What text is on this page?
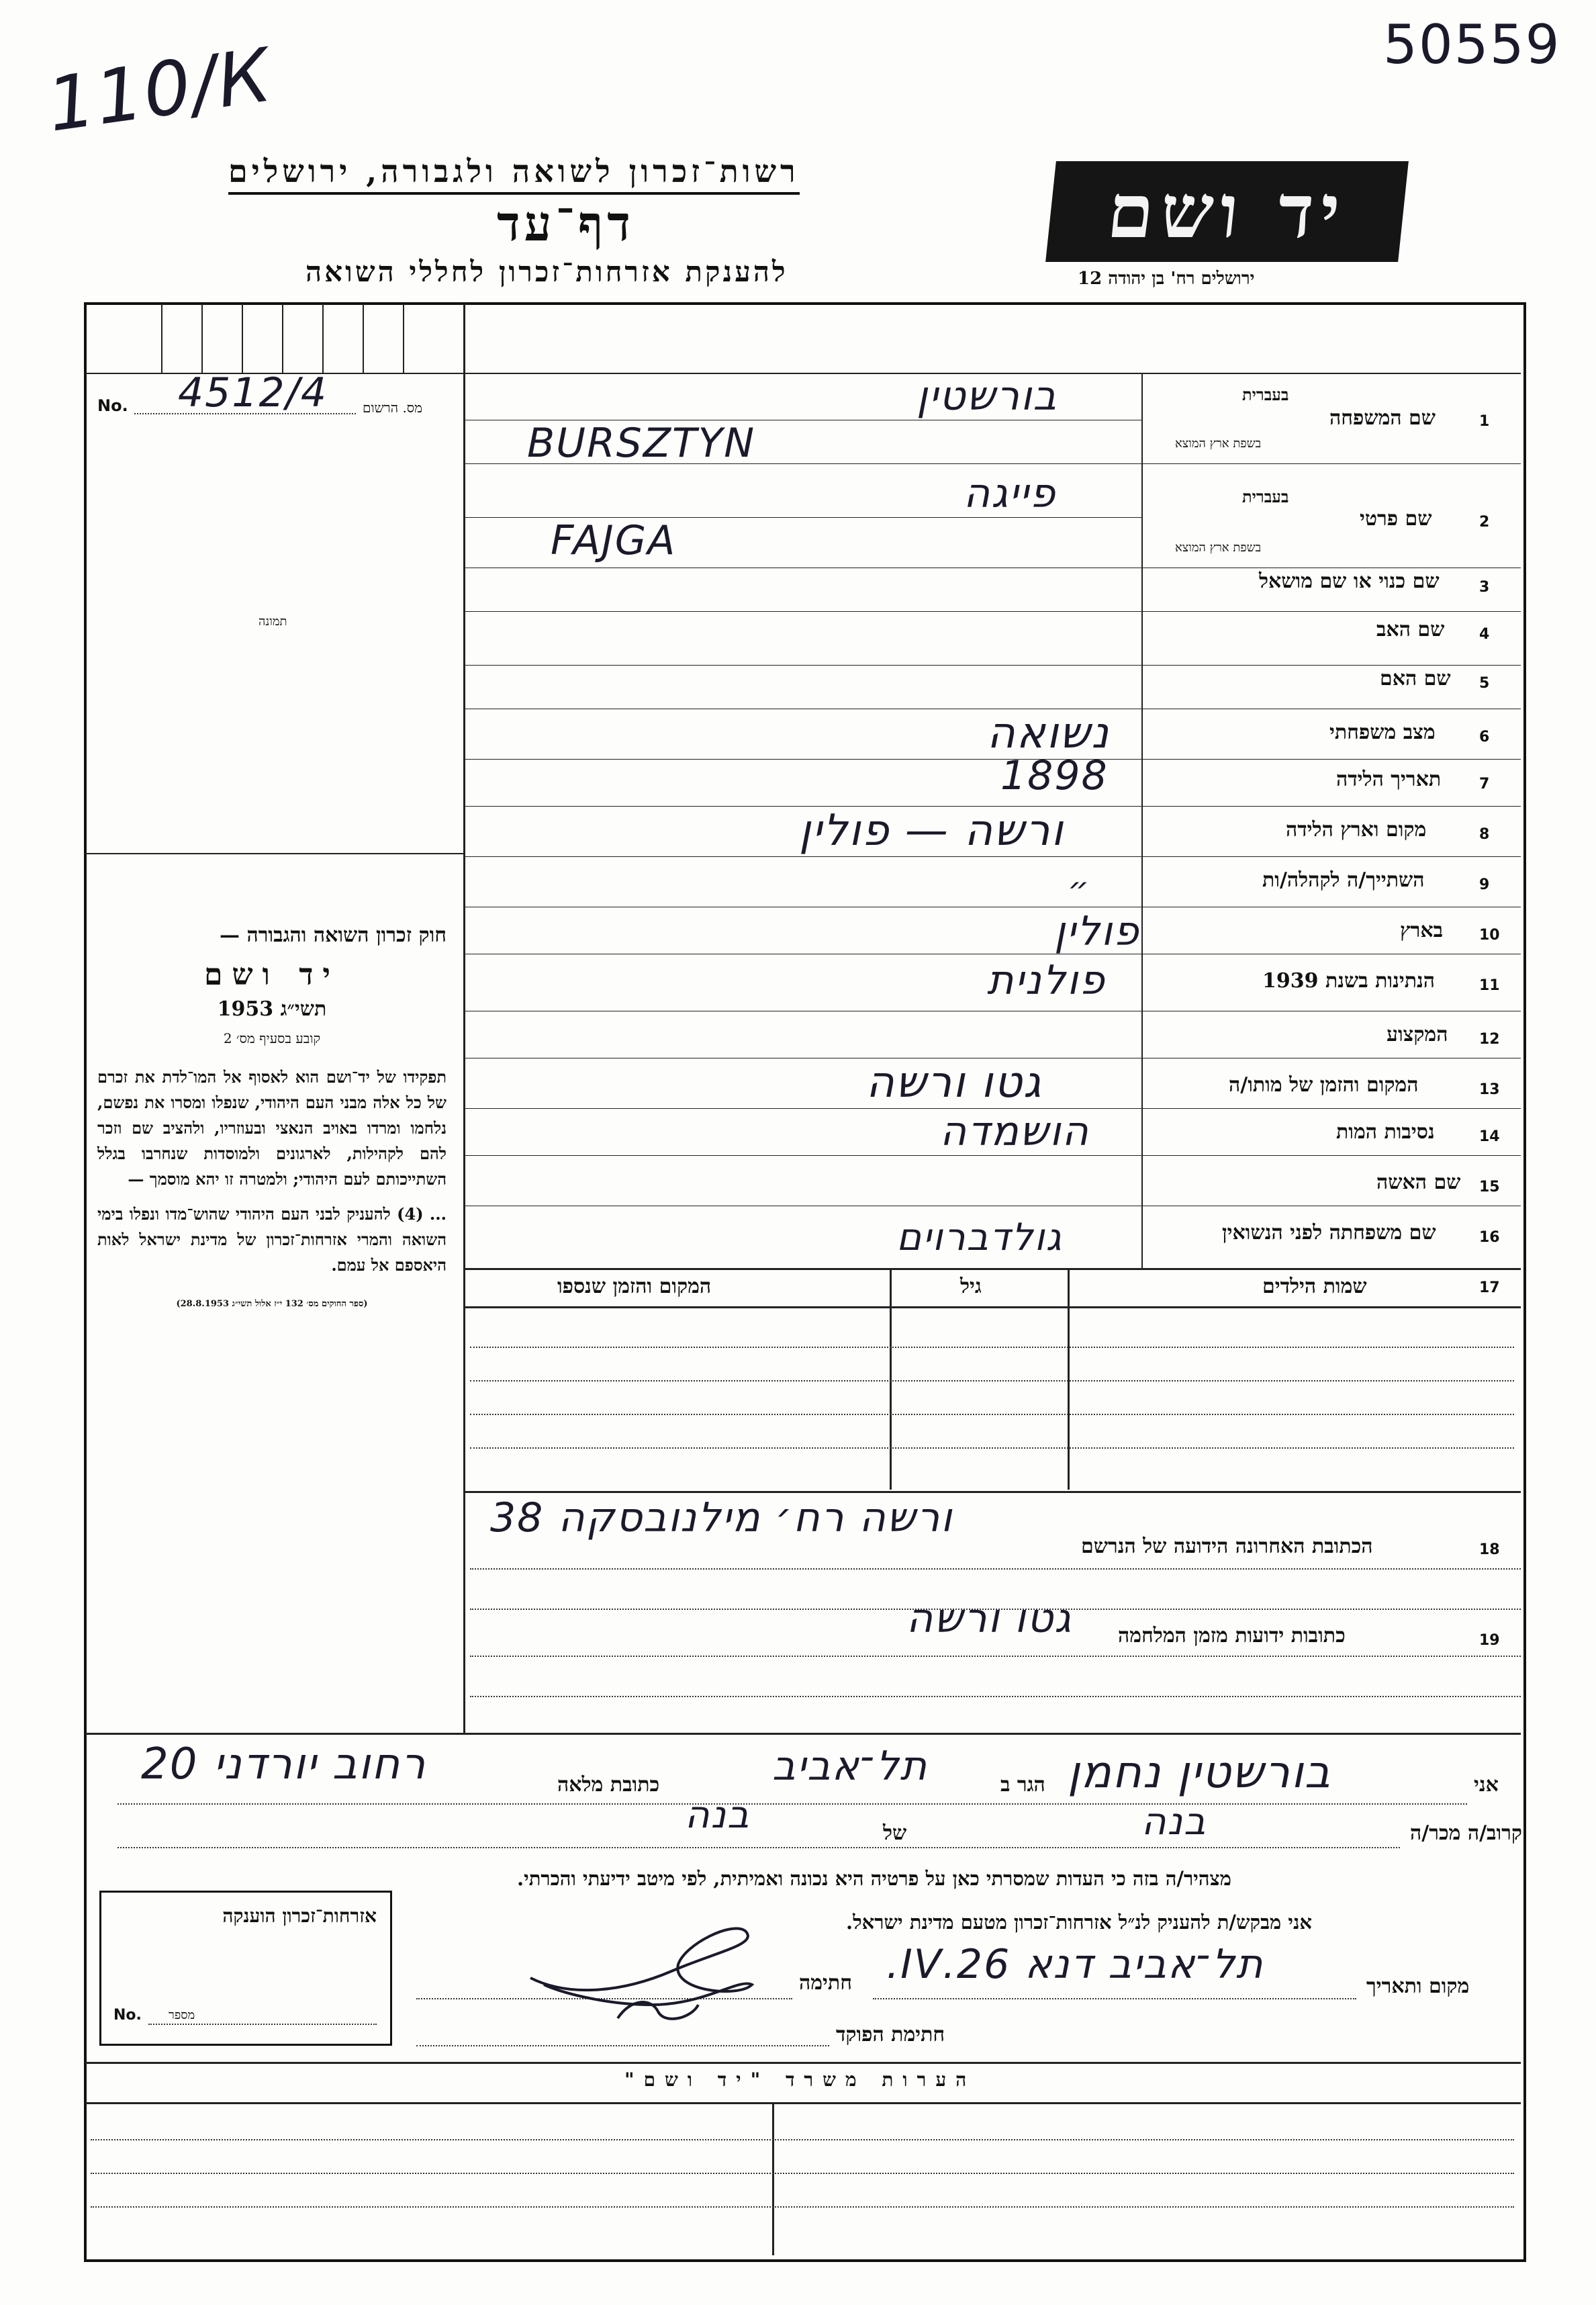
110/К	50559
רשות־זכרון לשואה ולגבורה, ירושלים
דף־עד
להענקת אזרחות־זכרון לחללי השואה
יד ושם
ירושלים רח' בן יהודה 12
No.	מס. הרשום
4512/4
תמונה
חוק זכרון השואה והגבורה —
יד ושם
תשי״ג 1953
קובע בסעיף מס׳ 2
תפקידו של יד־ושם הוא לאסוף אל המו־לדת את זכרם של כל אלה מבני העם היהודי, שנפלו ומסרו את נפשם, נלחמו ומרדו באויב הנאצי ובעוזריו, ולהציב שם וזכר להם לקהילות, לארגונים ולמוסדות שנחרבו בגלל השתייכותם לעם היהודי; ולמטרה זו יהא מוסמך —
... (4) להעניק לבני העם היהודי שהוש־מדו ונפלו בימי השואה והמרי אזרחות־זכרון של מדינת ישראל לאות היאספם אל עמם.
(ספר החוקים מס׳ 132 י״ז אלול תשי״ג 28.8.1953)
1
שם המשפחה
בעברית
בשפת ארץ המוצא
בורשטין
BURSZTYN
2
שם פרטי
בעברית
בשפת ארץ המוצא
פייגה
FAJGA
3
שם כנוי או שם מושאל
4
שם האב
5
שם האם
6
מצב משפחתי
נשואה
7
תאריך הלידה
1898
8
מקום וארץ הלידה
ורשה — פולין
9
השתייך/ה לקהלה/ות
״
10
בארץ
פולין
11
הנתינות בשנת 1939
פולנית
12
המקצוע
13
המקום והזמן של מותו/ה
גטו ורשה
14
נסיבות המות
הושמדה
15
שם האשה
16
שם משפחתה לפני הנשואין
גולדברוים
17
שמות הילדים
גיל
המקום והזמן שנספו
18
הכתובת האחרונה הידועה של הנרשם
ורשה רח׳ מילנובסקה 38
19
כתובות ידועות מזמן המלחמה
גטו ורשה
אני
בורשטין נחמן
הגר ב
תל־אביב
כתובת מלאה
רחוב יורדני 20
קרוב/ה מכר/ה
בנה
של
בנה
מצהיר/ה בזה כי העדות שמסרתי כאן על פרטיה היא נכונה ואמיתית, לפי מיטב ידיעתי והכרתי.
אני מבקש/ת להעניק לנ״ל אזרחות־זכרון מטעם מדינת ישראל.
מקום ותאריך
תל־אביב דנא 26.IV.
חתימה
חתימת הפוקד
אזרחות־זכרון הוענקה
No. מספר
הערות משרד "יד ושם"
